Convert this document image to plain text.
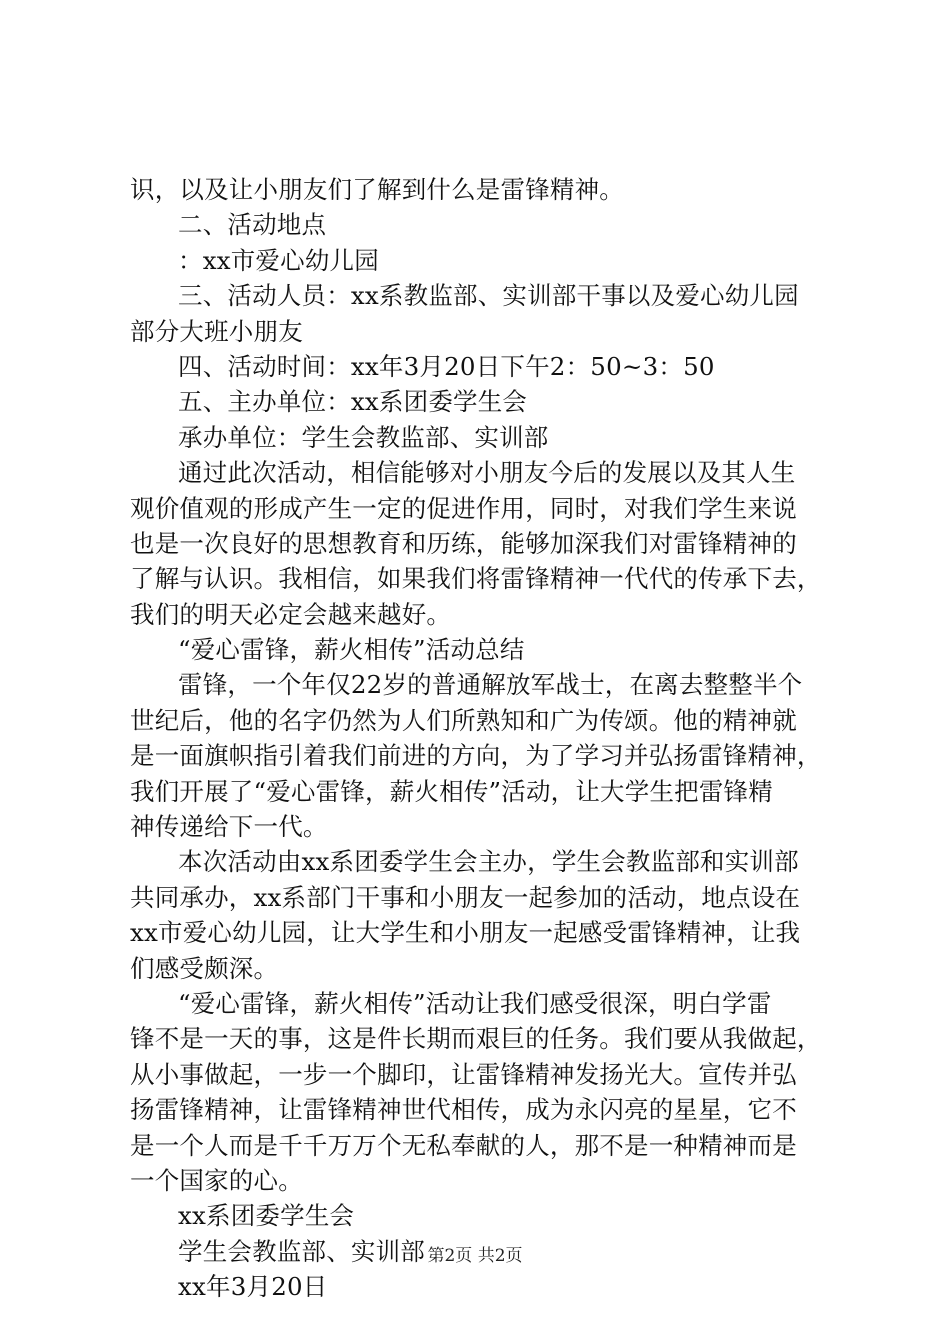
识，以及让小朋友们了解到什么是雷锋精神。
二、活动地点
：xx市爱心幼儿园
三、活动人员：xx系教监部、实训部干事以及爱心幼儿园
部分大班小朋友
四、活动时间：xx年3月20日下午2：50~3：50
五、主办单位：xx系团委学生会
承办单位：学生会教监部、实训部
通过此次活动，相信能够对小朋友今后的发展以及其人生
观价值观的形成产生一定的促进作用，同时，对我们学生来说
也是一次良好的思想教育和历练，能够加深我们对雷锋精神的
了解与认识。我相信，如果我们将雷锋精神一代代的传承下去，
我们的明天必定会越来越好。
“爱心雷锋，薪火相传”活动总结
雷锋，一个年仅22岁的普通解放军战士，在离去整整半个
世纪后，他的名字仍然为人们所熟知和广为传颂。他的精神就
是一面旗帜指引着我们前进的方向，为了学习并弘扬雷锋精神，
我们开展了“爱心雷锋，薪火相传”活动，让大学生把雷锋精
神传递给下一代。
本次活动由xx系团委学生会主办，学生会教监部和实训部
共同承办，xx系部门干事和小朋友一起参加的活动，地点设在
xx市爱心幼儿园，让大学生和小朋友一起感受雷锋精神，让我
们感受颇深。
“爱心雷锋，薪火相传”活动让我们感受很深，明白学雷
锋不是一天的事，这是件长期而艰巨的任务。我们要从我做起，
从小事做起，一步一个脚印，让雷锋精神发扬光大。宣传并弘
扬雷锋精神，让雷锋精神世代相传，成为永闪亮的星星，它不
是一个人而是千千万万个无私奉献的人，那不是一种精神而是
一个国家的心。
xx系团委学生会
学生会教监部、实训部
xx年3月20日
第2页 共2页
